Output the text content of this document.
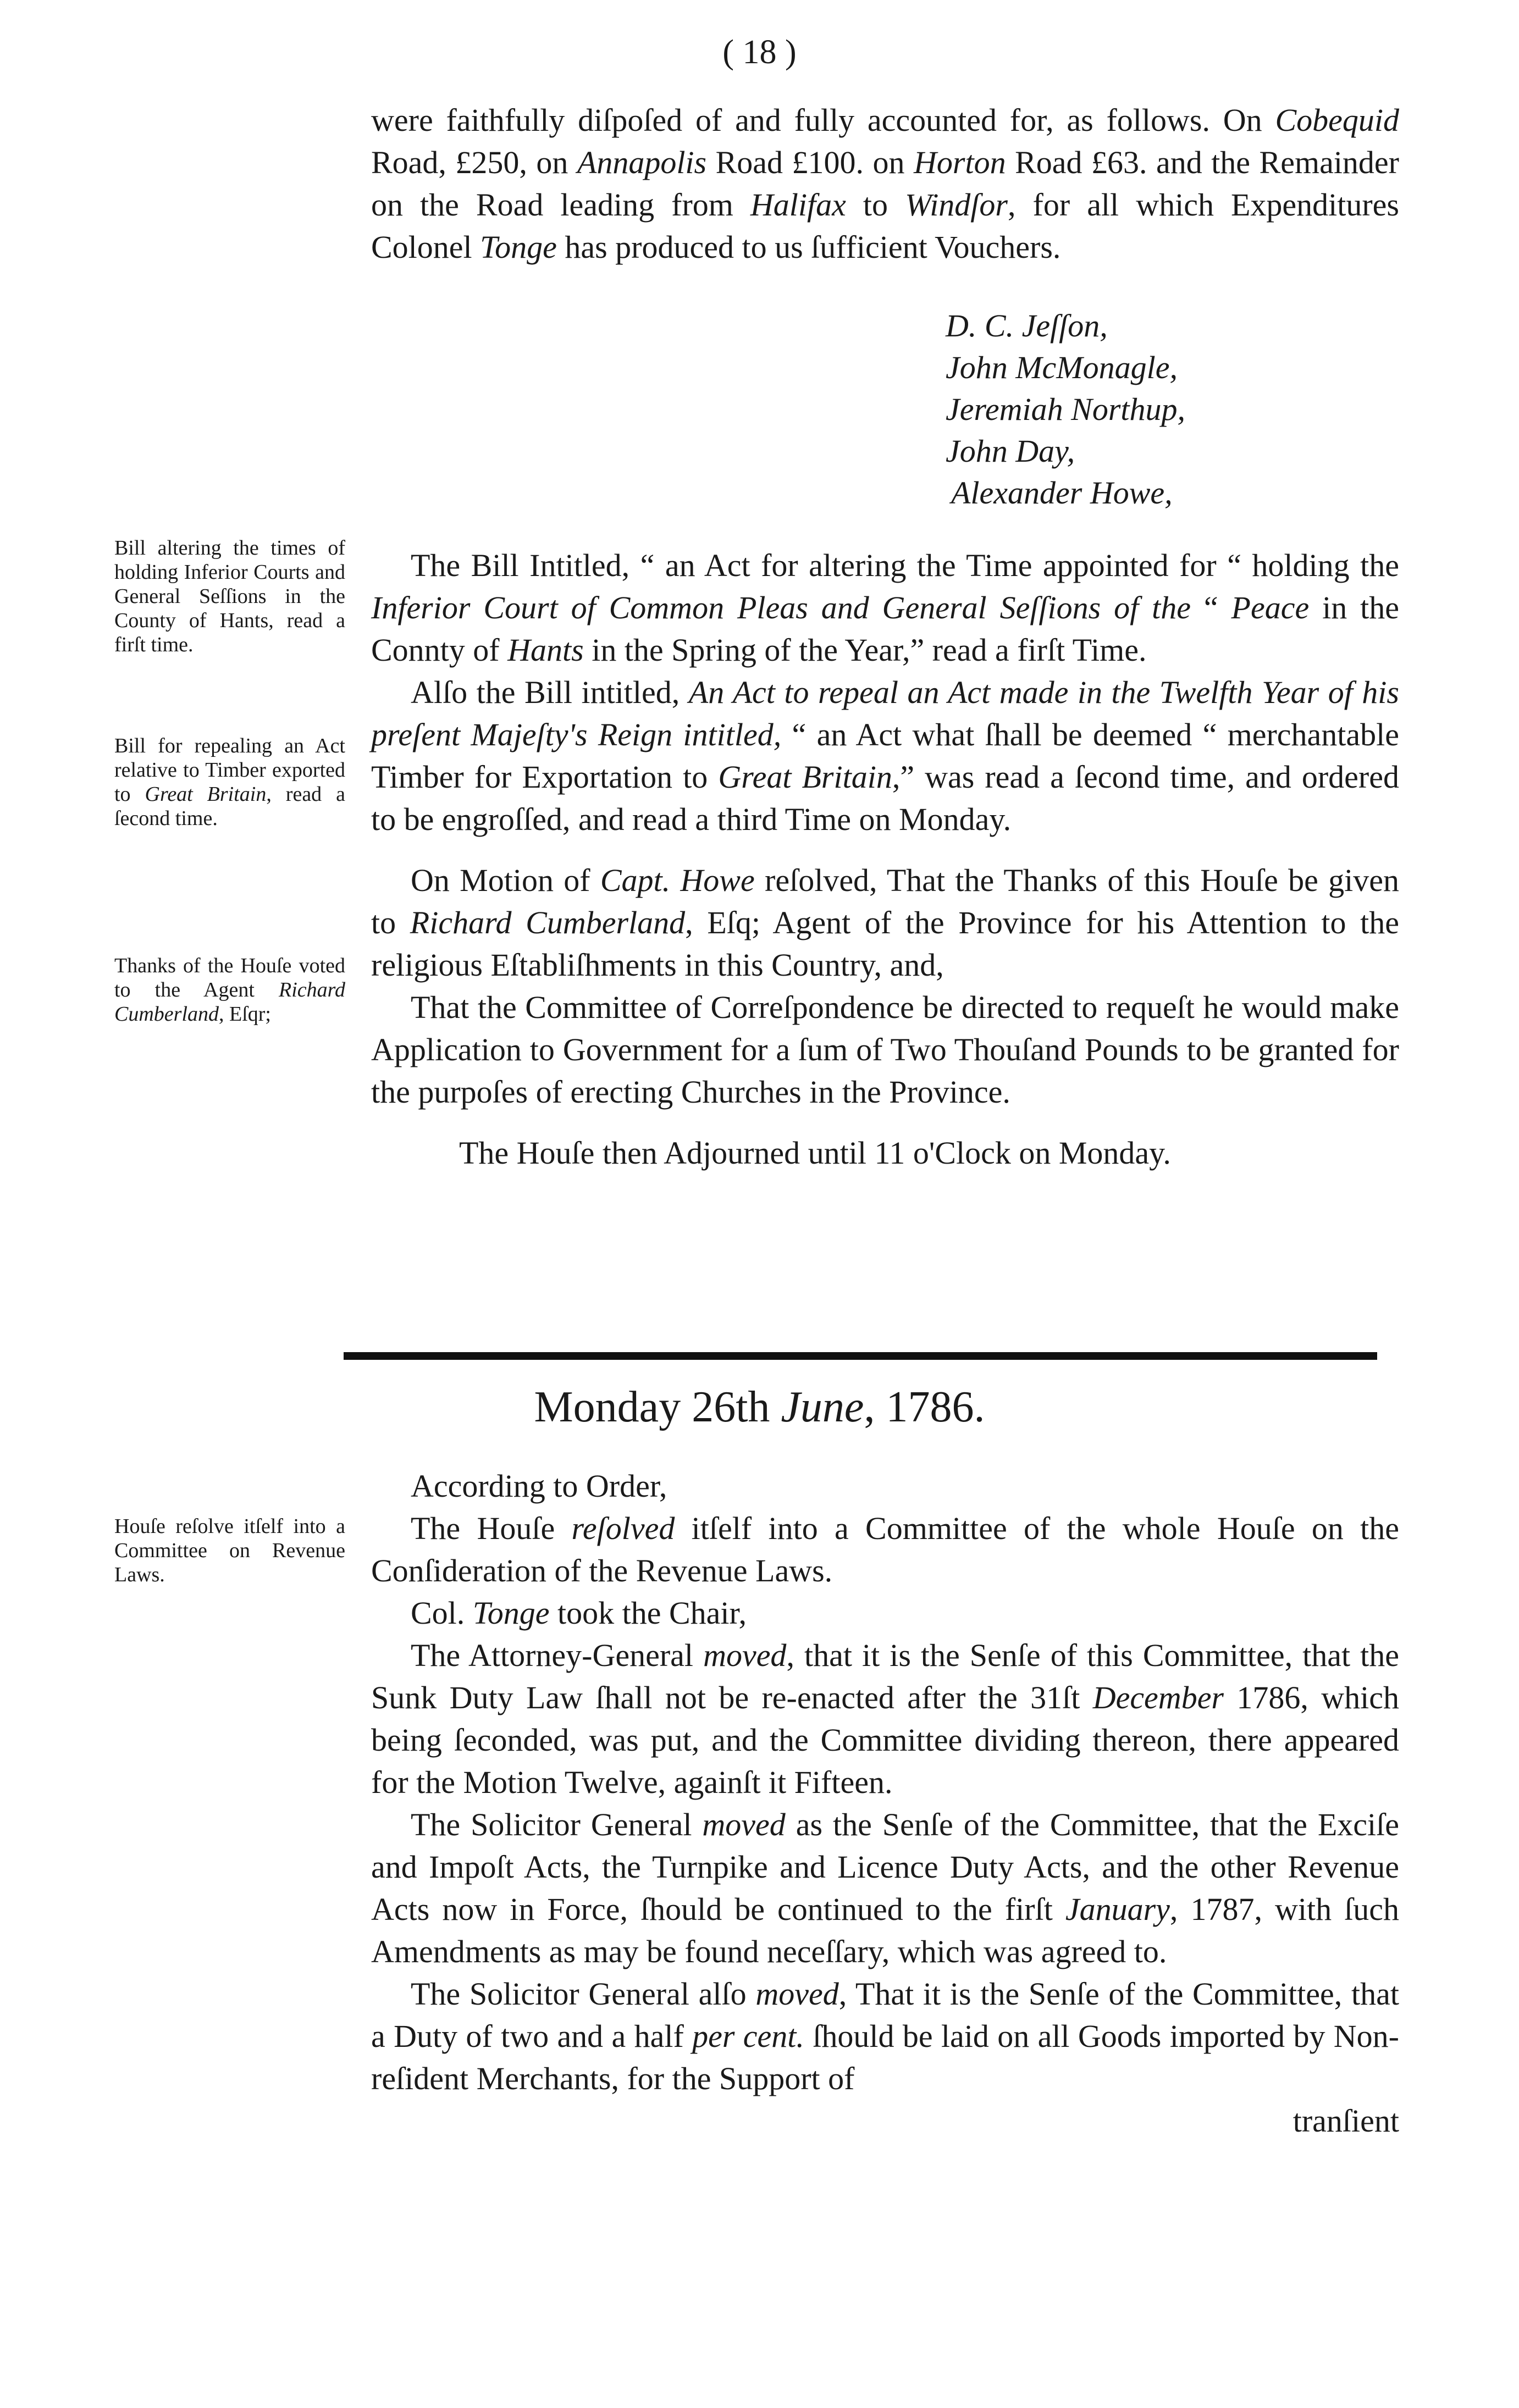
( 18 )

were faithfully diſpoſed of and fully accounted for, as follows. On Cobequid Road, £250, on Annapolis Road £100. on Horton Road £63. and the Remainder on the Road leading from Halifax to Windſor, for all which Expenditures Colonel Tonge has produced to us ſufficient Vouchers.

D. C. Jeſſon,
John McMonagle,
Jeremiah Northup,
John Day,
Alexander Howe,

The Bill Intitled, “ an Act for altering the Time appointed for “ holding the Inferior Court of Common Pleas and General Seſſions of the “ Peace in the Connty of Hants in the Spring of the Year,” read a firſt Time.

Alſo the Bill intitled, An Act to repeal an Act made in the Twelfth Year of his preſent Majeſty's Reign intitled, “ an Act what ſhall be deemed “ merchantable Timber for Exportation to Great Britain,” was read a ſecond time, and ordered to be engroſſed, and read a third Time on Monday.

On Motion of Capt. Howe reſolved, That the Thanks of this Houſe be given to Richard Cumberland, Eſq; Agent of the Province for his Attention to the religious Eſtabliſhments in this Country, and,

That the Committee of Correſpondence be directed to requeſt he would make Application to Government for a ſum of Two Thouſand Pounds to be granted for the purpoſes of erecting Churches in the Province.

The Houſe then Adjourned until 11 o'Clock on Monday.

Monday 26th June, 1786.

According to Order,

The Houſe reſolved itſelf into a Committee of the whole Houſe on the Conſideration of the Revenue Laws.

Col. Tonge took the Chair,

The Attorney-General moved, that it is the Senſe of this Committee, that the Sunk Duty Law ſhall not be re-enacted after the 31ſt December 1786, which being ſeconded, was put, and the Committee dividing thereon, there appeared for the Motion Twelve, againſt it Fifteen.

The Solicitor General moved as the Senſe of the Committee, that the Exciſe and Impoſt Acts, the Turnpike and Licence Duty Acts, and the other Revenue Acts now in Force, ſhould be continued to the firſt January, 1787, with ſuch Amendments as may be found neceſſary, which was agreed to.

The Solicitor General alſo moved, That it is the Senſe of the Committee, that a Duty of two and a half per cent. ſhould be laid on all Goods imported by Non-reſident Merchants, for the Support of

tranſient
Bill altering the times of holding Inferior Courts and General Seſſions in the County of Hants, read a firſt time.
Bill for repealing an Act relative to Timber exported to Great Britain, read a ſecond time.
Thanks of the Houſe voted to the Agent Richard Cumberland, Eſqr;
Houſe reſolve itſelf into a Committee on Revenue Laws.
